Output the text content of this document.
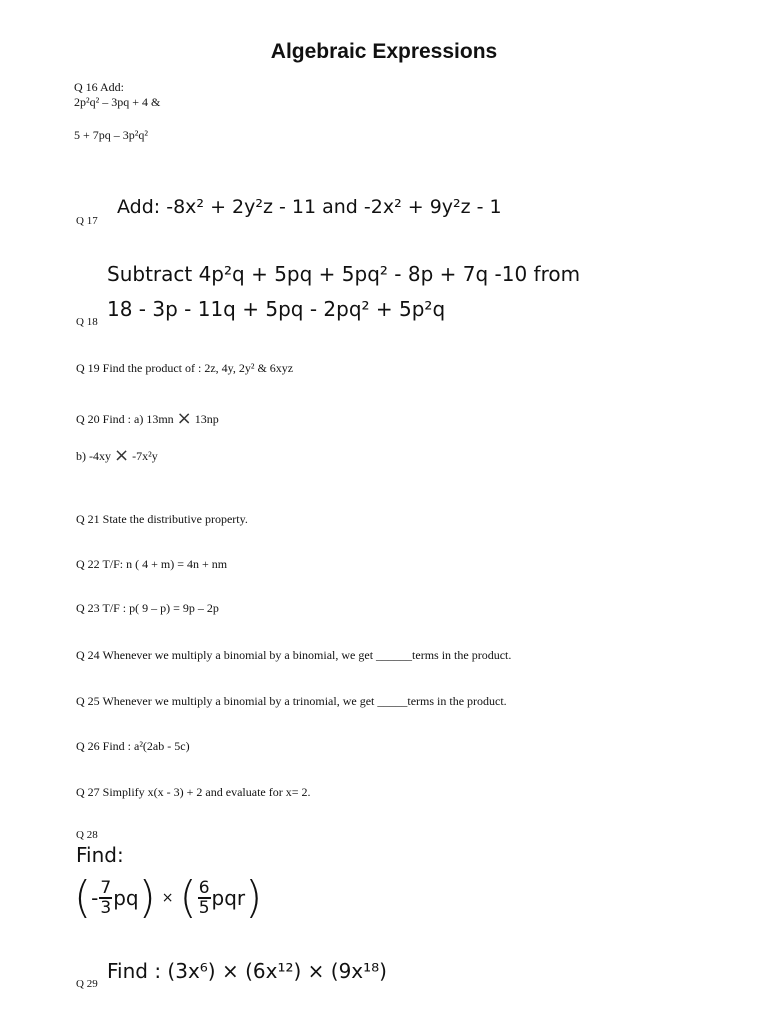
Algebraic Expressions
Q 16 Add:
2p²q² – 3pq + 4 &
5 + 7pq – 3p²q²
Q 17
Add: -8x² + 2y²z - 11 and -2x² + 9y²z - 1
Subtract 4p²q + 5pq + 5pq² - 8p + 7q -10 from
Q 18
18 - 3p - 11q + 5pq - 2pq² + 5p²q
Q 19 Find the product of : 2z, 4y, 2y² & 6xyz
Q 20 Find : a) 13mn × 13np
b) -4xy × -7x²y
Q 21 State the distributive property.
Q 22 T/F: n ( 4 + m) = 4n + nm
Q 23 T/F : p( 9 – p) = 9p – 2p
Q 24 Whenever we multiply a binomial by a binomial, we get ______terms in the product.
Q 25 Whenever we multiply a binomial by a trinomial, we get _____terms in the product.
Q 26 Find : a²(2ab - 5c)
Q 27 Simplify x(x - 3) + 2 and evaluate for x= 2.
Q 28
Find:
( - $\frac{7}{3}$ pq ) × ( $\frac{6}{5}$ pqr )
Q 29
Find : (3x⁶) × (6x¹²) × (9x¹⁸)
